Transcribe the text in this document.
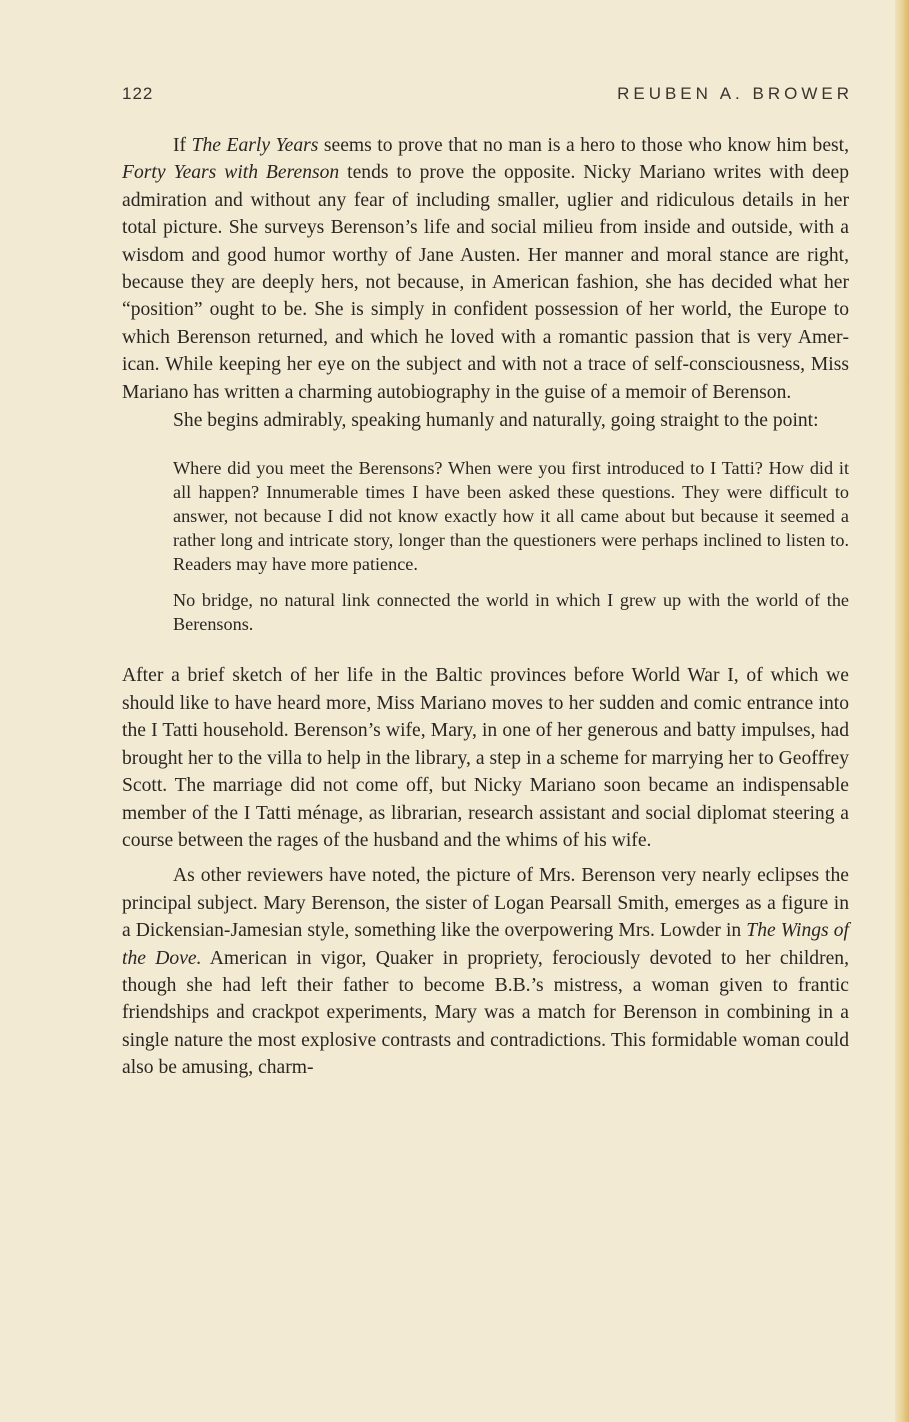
122	REUBEN A. BROWER

If The Early Years seems to prove that no man is a hero to those who know him best, Forty Years with Berenson tends to prove the opposite. Nicky Mariano writes with deep admiration and without any fear of including smaller, uglier and ridiculous details in her total picture. She surveys Berenson’s life and social milieu from inside and outside, with a wisdom and good humor worthy of Jane Austen. Her manner and moral stance are right, because they are deeply hers, not because, in American fashion, she has decided what her “position” ought to be. She is simply in confident possession of her world, the Europe to which Berenson returned, and which he loved with a romantic passion that is very American. While keeping her eye on the subject and with not a trace of self-consciousness, Miss Mariano has written a charming autobiography in the guise of a memoir of Berenson.

She begins admirably, speaking humanly and naturally, going straight to the point:

Where did you meet the Berensons? When were you first introduced to I Tatti? How did it all happen? Innumerable times I have been asked these questions. They were difficult to answer, not because I did not know exactly how it all came about but because it seemed a rather long and intricate story, longer than the questioners were perhaps inclined to listen to. Readers may have more patience.

No bridge, no natural link connected the world in which I grew up with the world of the Berensons.

After a brief sketch of her life in the Baltic provinces before World War I, of which we should like to have heard more, Miss Mariano moves to her sudden and comic entrance into the I Tatti household. Berenson’s wife, Mary, in one of her generous and batty impulses, had brought her to the villa to help in the library, a step in a scheme for marrying her to Geoffrey Scott. The marriage did not come off, but Nicky Mariano soon became an indispensable member of the I Tatti ménage, as librarian, research assistant and social diplomat steering a course between the rages of the husband and the whims of his wife.

As other reviewers have noted, the picture of Mrs. Berenson very nearly eclipses the principal subject. Mary Berenson, the sister of Logan Pearsall Smith, emerges as a figure in a Dickensian-Jamesian style, something like the overpowering Mrs. Lowder in The Wings of the Dove. American in vigor, Quaker in propriety, ferociously devoted to her children, though she had left their father to become B.B.’s mistress, a woman given to frantic friendships and crackpot experiments, Mary was a match for Berenson in combining in a single nature the most explosive contrasts and contradictions. This formidable woman could also be amusing, charm-
